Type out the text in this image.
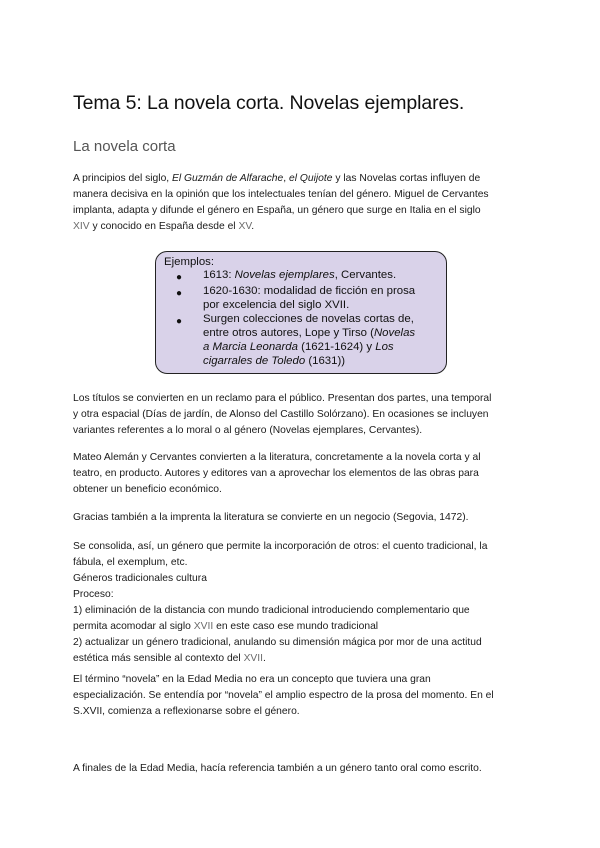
Tema 5: La novela corta. Novelas ejemplares.
La novela corta
A principios del siglo, El Guzmán de Alfarache, el Quijote y las Novelas cortas influyen de
manera decisiva en la opinión que los intelectuales tenían del género. Miguel de Cervantes
implanta, adapta y difunde el género en España, un género que surge en Italia en el siglo
XIV y conocido en España desde el XV.
Ejemplos:
● 1613: Novelas ejemplares, Cervantes.
● 1620-1630: modalidad de ficción en prosa
por excelencia del siglo XVII.
● Surgen colecciones de novelas cortas de,
entre otros autores, Lope y Tirso (Novelas
a Marcia Leonarda (1621-1624) y Los
cigarrales de Toledo (1631))
Los títulos se convierten en un reclamo para el público. Presentan dos partes, una temporal
y otra espacial (Días de jardín, de Alonso del Castillo Solórzano). En ocasiones se incluyen
variantes referentes a lo moral o al género (Novelas ejemplares, Cervantes).
Mateo Alemán y Cervantes convierten a la literatura, concretamente a la novela corta y al
teatro, en producto. Autores y editores van a aprovechar los elementos de las obras para
obtener un beneficio económico.
Gracias también a la imprenta la literatura se convierte en un negocio (Segovia, 1472).
Se consolida, así, un género que permite la incorporación de otros: el cuento tradicional, la
fábula, el exemplum, etc.
Géneros tradicionales cultura
Proceso:
1) eliminación de la distancia con mundo tradicional introduciendo complementario que
permita acomodar al siglo XVII en este caso ese mundo tradicional
2) actualizar un género tradicional, anulando su dimensión mágica por mor de una actitud
estética más sensible al contexto del XVII.
El término “novela” en la Edad Media no era un concepto que tuviera una gran
especialización. Se entendía por “novela” el amplio espectro de la prosa del momento. En el
S.XVII, comienza a reflexionarse sobre el género.
A finales de la Edad Media, hacía referencia también a un género tanto oral como escrito.
